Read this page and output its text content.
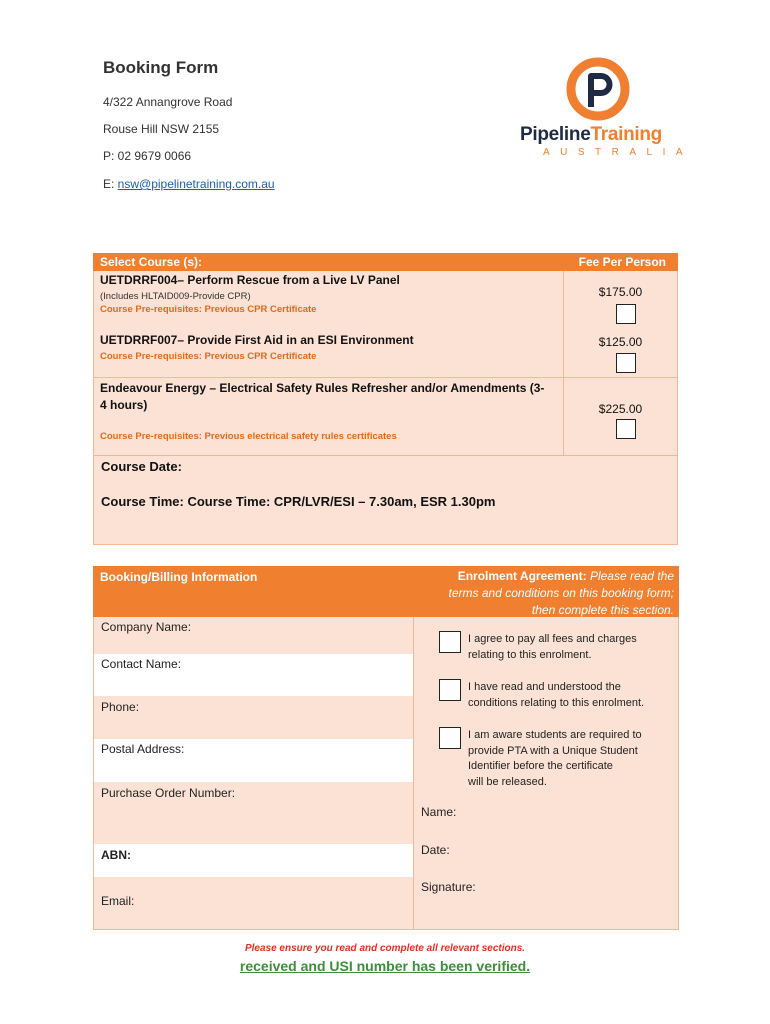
Booking Form
4/322 Annangrove Road
Rouse Hill NSW 2155
P: 02 9679 0066
E: nsw@pipelinetraining.com.au
PipelineTraining
AUSTRALIA
Select Course (s):	Fee Per Person
UETDRRF004– Perform Rescue from a Live LV Panel
(Includes HLTAID009-Provide CPR)
Course Pre-requisites: Previous CPR Certificate
$175.00
UETDRRF007– Provide First Aid in an ESI Environment
Course Pre-requisites: Previous CPR Certificate
$125.00
Endeavour Energy – Electrical Safety Rules Refresher and/or Amendments (3-
4 hours)
Course Pre-requisites: Previous electrical safety rules certificates
$225.00
Course Date:
Course Time: Course Time: CPR/LVR/ESI – 7.30am, ESR 1.30pm
Booking/Billing Information	Enrolment Agreement: Please read the
terms and conditions on this booking form;
then complete this section.
Company Name:
Contact Name:
Phone:
Postal Address:
Purchase Order Number:
ABN:
Email:
I agree to pay all fees and charges
relating to this enrolment.
I have read and understood the
conditions relating to this enrolment.
I am aware students are required to
provide PTA with a Unique Student
Identifier before the certificate
will be released.
Name:
Date:
Signature:
Please ensure you read and complete all relevant sections.
received and USI number has been verified.
